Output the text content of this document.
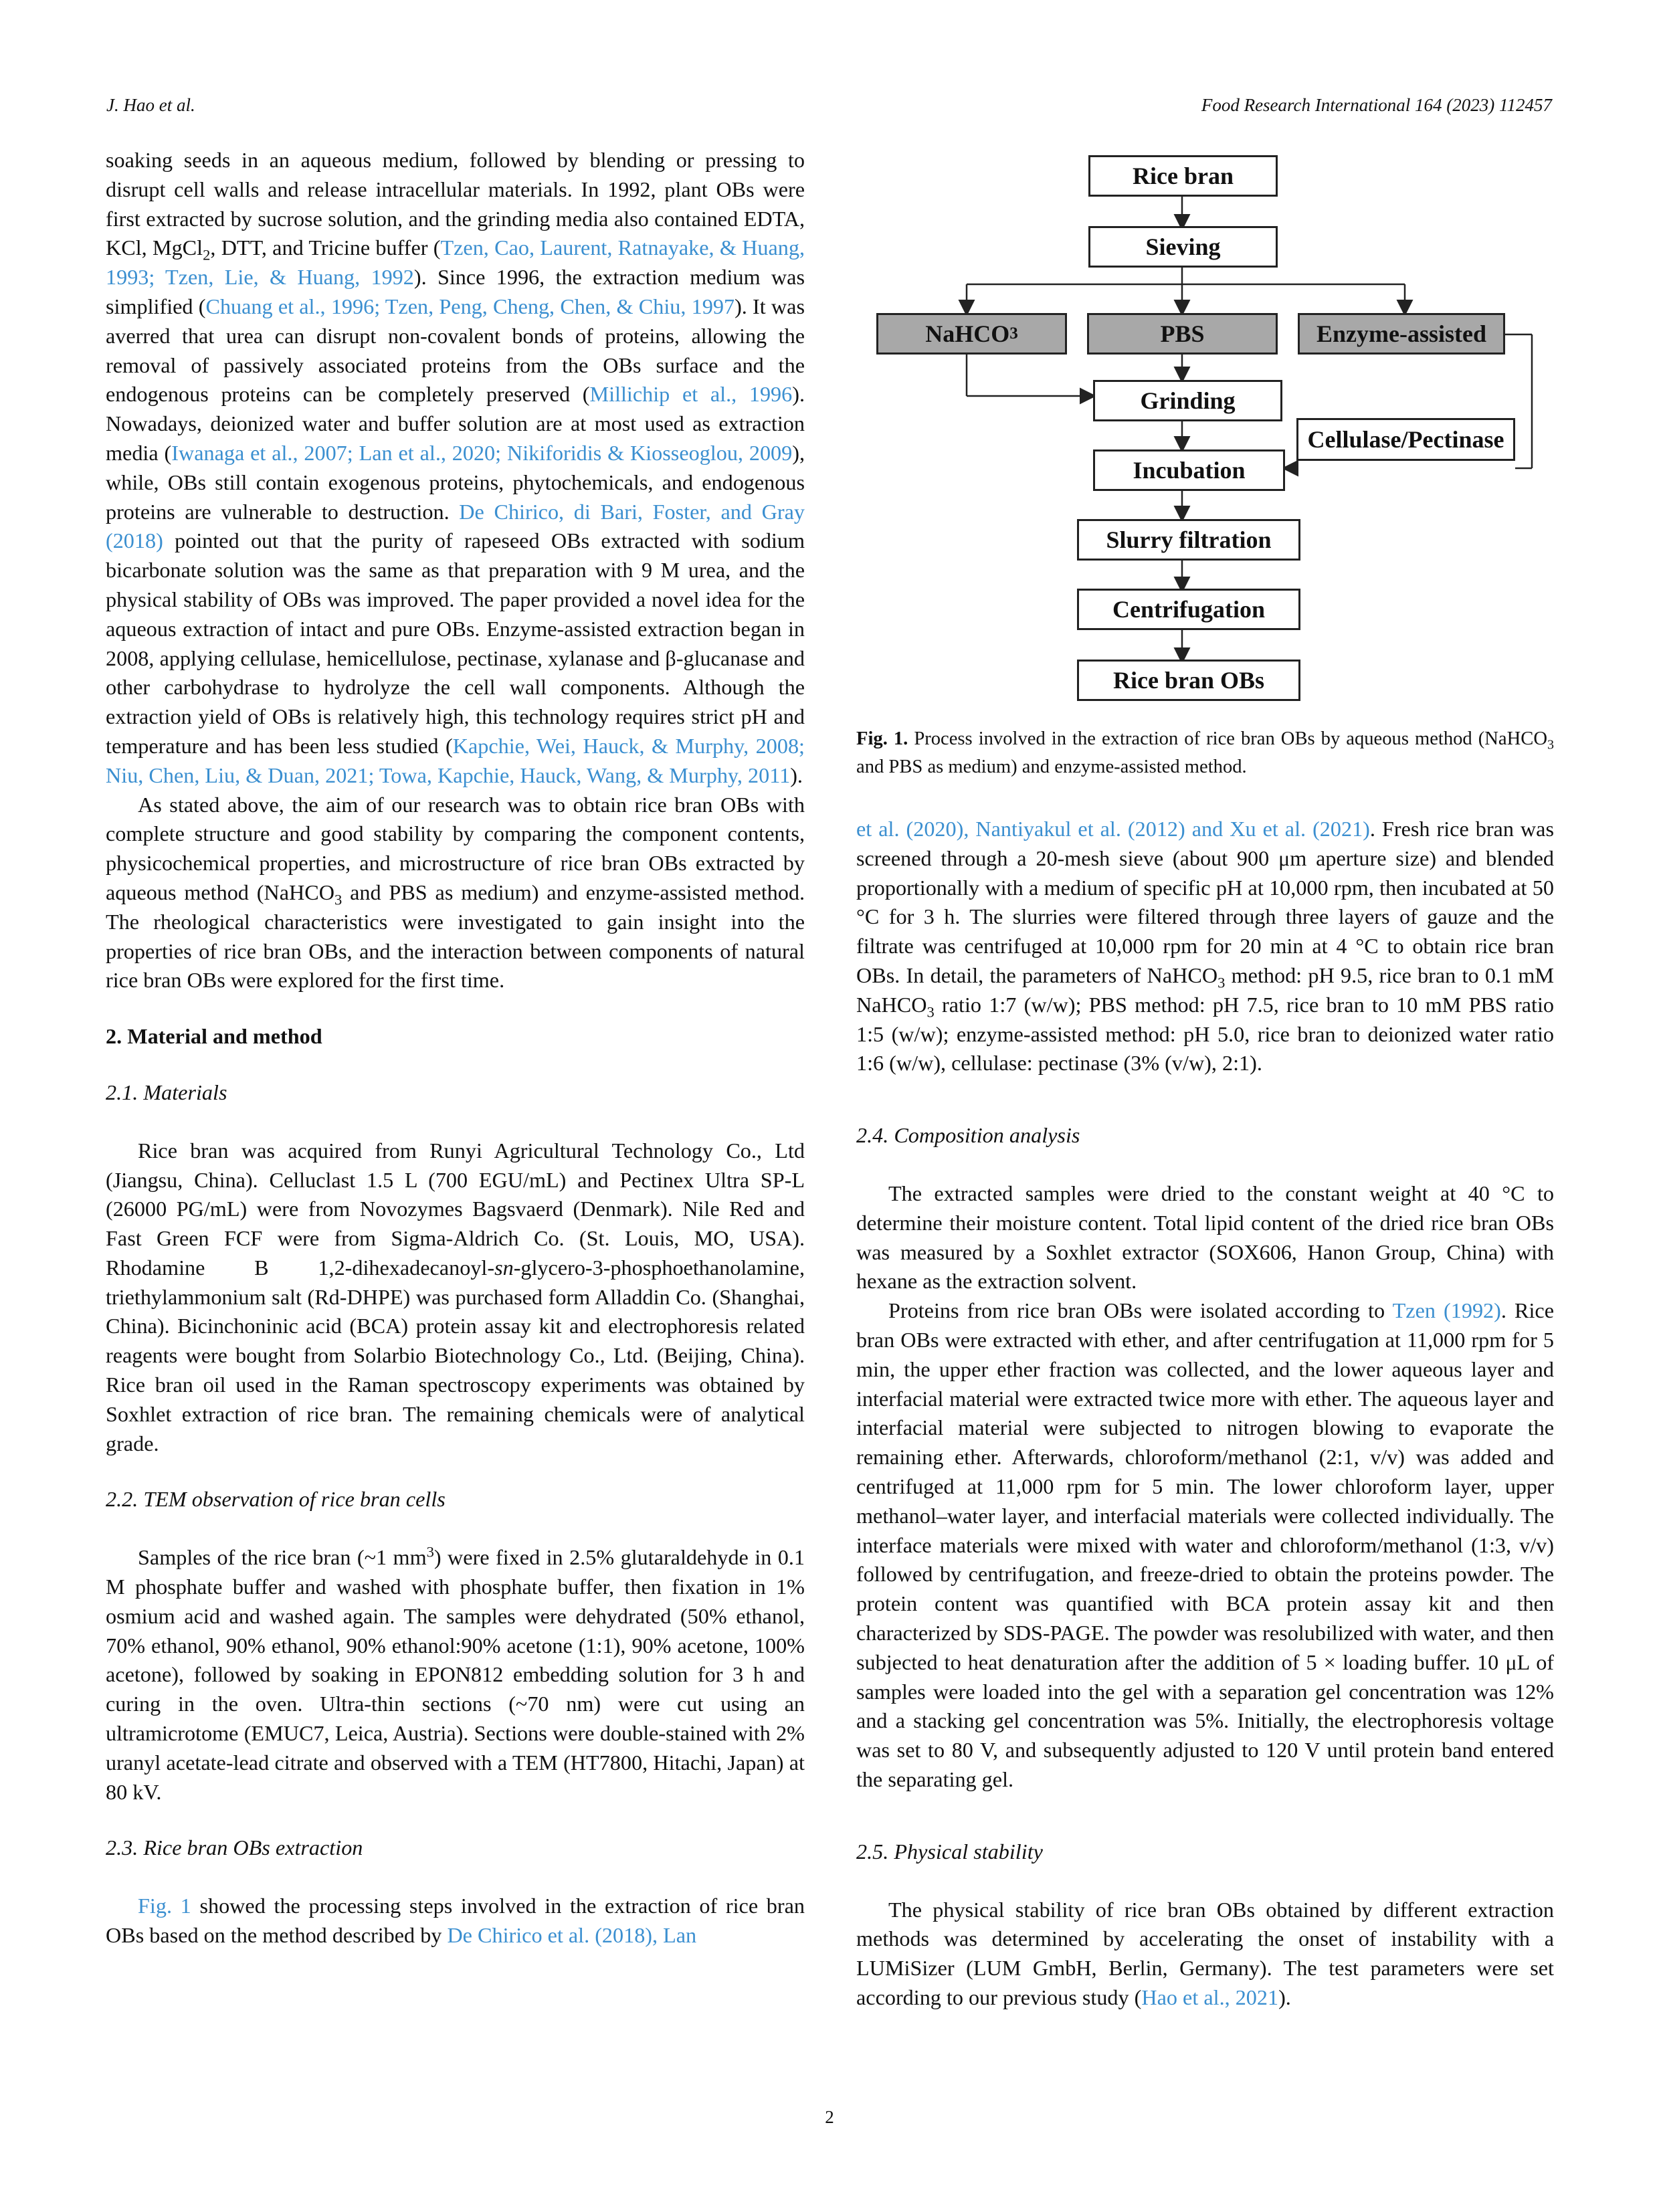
J. Hao et al.	Food Research International 164 (2023) 112457

soaking seeds in an aqueous medium, followed by blending or pressing to disrupt cell walls and release intracellular materials. In 1992, plant OBs were first extracted by sucrose solution, and the grinding media also contained EDTA, KCl, MgCl$_2$, DTT, and Tricine buffer (Tzen, Cao, Laurent, Ratnayake, & Huang, 1993; Tzen, Lie, & Huang, 1992). Since 1996, the extraction medium was simplified (Chuang et al., 1996; Tzen, Peng, Cheng, Chen, & Chiu, 1997). It was averred that urea can disrupt non-covalent bonds of proteins, allowing the removal of passively associated proteins from the OBs surface and the endogenous proteins can be completely preserved (Millichip et al., 1996). Nowadays, deionized water and buffer solution are at most used as extraction media (Iwanaga et al., 2007; Lan et al., 2020; Nikiforidis & Kiosseoglou, 2009), while, OBs still contain exogenous proteins, phytochemicals, and endogenous proteins are vulnerable to destruction. De Chirico, di Bari, Foster, and Gray (2018) pointed out that the purity of rapeseed OBs extracted with sodium bicarbonate solution was the same as that preparation with 9 M urea, and the physical stability of OBs was improved. The paper provided a novel idea for the aqueous extraction of intact and pure OBs. Enzyme-assisted extraction began in 2008, applying cellulase, hemicellulose, pectinase, xylanase and β-glucanase and other carbohydrase to hydrolyze the cell wall components. Although the extraction yield of OBs is relatively high, this technology requires strict pH and temperature and has been less studied (Kapchie, Wei, Hauck, & Murphy, 2008; Niu, Chen, Liu, & Duan, 2021; Towa, Kapchie, Hauck, Wang, & Murphy, 2011).

As stated above, the aim of our research was to obtain rice bran OBs with complete structure and good stability by comparing the component contents, physicochemical properties, and microstructure of rice bran OBs extracted by aqueous method (NaHCO$_3$ and PBS as medium) and enzyme-assisted method. The rheological characteristics were investigated to gain insight into the properties of rice bran OBs, and the interaction between components of natural rice bran OBs were explored for the first time.

2. Material and method
2.1. Materials

Rice bran was acquired from Runyi Agricultural Technology Co., Ltd (Jiangsu, China). Celluclast 1.5 L (700 EGU/mL) and Pectinex Ultra SP-L (26000 PG/mL) were from Novozymes Bagsvaerd (Denmark). Nile Red and Fast Green FCF were from Sigma-Aldrich Co. (St. Louis, MO, USA). Rhodamine B 1,2-dihexadecanoyl-sn-glycero-3-phosphoethanolamine, triethylammonium salt (Rd-DHPE) was purchased form Alladdin Co. (Shanghai, China). Bicinchoninic acid (BCA) protein assay kit and electrophoresis related reagents were bought from Solarbio Biotechnology Co., Ltd. (Beijing, China). Rice bran oil used in the Raman spectroscopy experiments was obtained by Soxhlet extraction of rice bran. The remaining chemicals were of analytical grade.

2.2. TEM observation of rice bran cells

Samples of the rice bran (~1 $mm^3$) were fixed in 2.5% glutaraldehyde in 0.1 M phosphate buffer and washed with phosphate buffer, then fixation in 1% osmium acid and washed again. The samples were dehydrated (50% ethanol, 70% ethanol, 90% ethanol, 90% ethanol:90% acetone (1:1), 90% acetone, 100% acetone), followed by soaking in EPON812 embedding solution for 3 h and curing in the oven. Ultra-thin sections (~70 nm) were cut using an ultramicrotome (EMUC7, Leica, Austria). Sections were double-stained with 2% uranyl acetate-lead citrate and observed with a TEM (HT7800, Hitachi, Japan) at 80 kV.

2.3. Rice bran OBs extraction

Fig. 1 showed the processing steps involved in the extraction of rice bran OBs based on the method described by De Chirico et al. (2018), Lan

Rice bran
Sieving
NaHCO 3	PBS	Enzyme-assisted
Grinding
Cellulase/Pectinase
Incubation
Slurry filtration
Centrifugation
Rice bran OBs
Fig. 1. Process involved in the extraction of rice bran OBs by aqueous method (NaHCO$_3$ and PBS as medium) and enzyme-assisted method.

et al. (2020), Nantiyakul et al. (2012) and Xu et al. (2021). Fresh rice bran was screened through a 20-mesh sieve (about 900 μm aperture size) and blended proportionally with a medium of specific pH at 10,000 rpm, then incubated at 50 °C for 3 h. The slurries were filtered through three layers of gauze and the filtrate was centrifuged at 10,000 rpm for 20 min at 4 °C to obtain rice bran OBs. In detail, the parameters of NaHCO$_3$ method: pH 9.5, rice bran to 0.1 mM NaHCO$_3$ ratio 1:7 (w/w); PBS method: pH 7.5, rice bran to 10 mM PBS ratio 1:5 (w/w); enzyme-assisted method: pH 5.0, rice bran to deionized water ratio 1:6 (w/w), cellulase: pectinase (3% (v/w), 2:1).

2.4. Composition analysis

The extracted samples were dried to the constant weight at 40 °C to determine their moisture content. Total lipid content of the dried rice bran OBs was measured by a Soxhlet extractor (SOX606, Hanon Group, China) with hexane as the extraction solvent.

Proteins from rice bran OBs were isolated according to Tzen (1992). Rice bran OBs were extracted with ether, and after centrifugation at 11,000 rpm for 5 min, the upper ether fraction was collected, and the lower aqueous layer and interfacial material were extracted twice more with ether. The aqueous layer and interfacial material were subjected to nitrogen blowing to evaporate the remaining ether. Afterwards, chloroform/methanol (2:1, v/v) was added and centrifuged at 11,000 rpm for 5 min. The lower chloroform layer, upper methanol–water layer, and interfacial materials were collected individually. The interface materials were mixed with water and chloroform/methanol (1:3, v/v) followed by centrifugation, and freeze-dried to obtain the proteins powder. The protein content was quantified with BCA protein assay kit and then characterized by SDS-PAGE. The powder was resolubilized with water, and then subjected to heat denaturation after the addition of 5 × loading buffer. 10 μL of samples were loaded into the gel with a separation gel concentration was 12% and a stacking gel concentration was 5%. Initially, the electrophoresis voltage was set to 80 V, and subsequently adjusted to 120 V until protein band entered the separating gel.

2.5. Physical stability

The physical stability of rice bran OBs obtained by different extraction methods was determined by accelerating the onset of instability with a LUMiSizer (LUM GmbH, Berlin, Germany). The test parameters were set according to our previous study (Hao et al., 2021).

2
